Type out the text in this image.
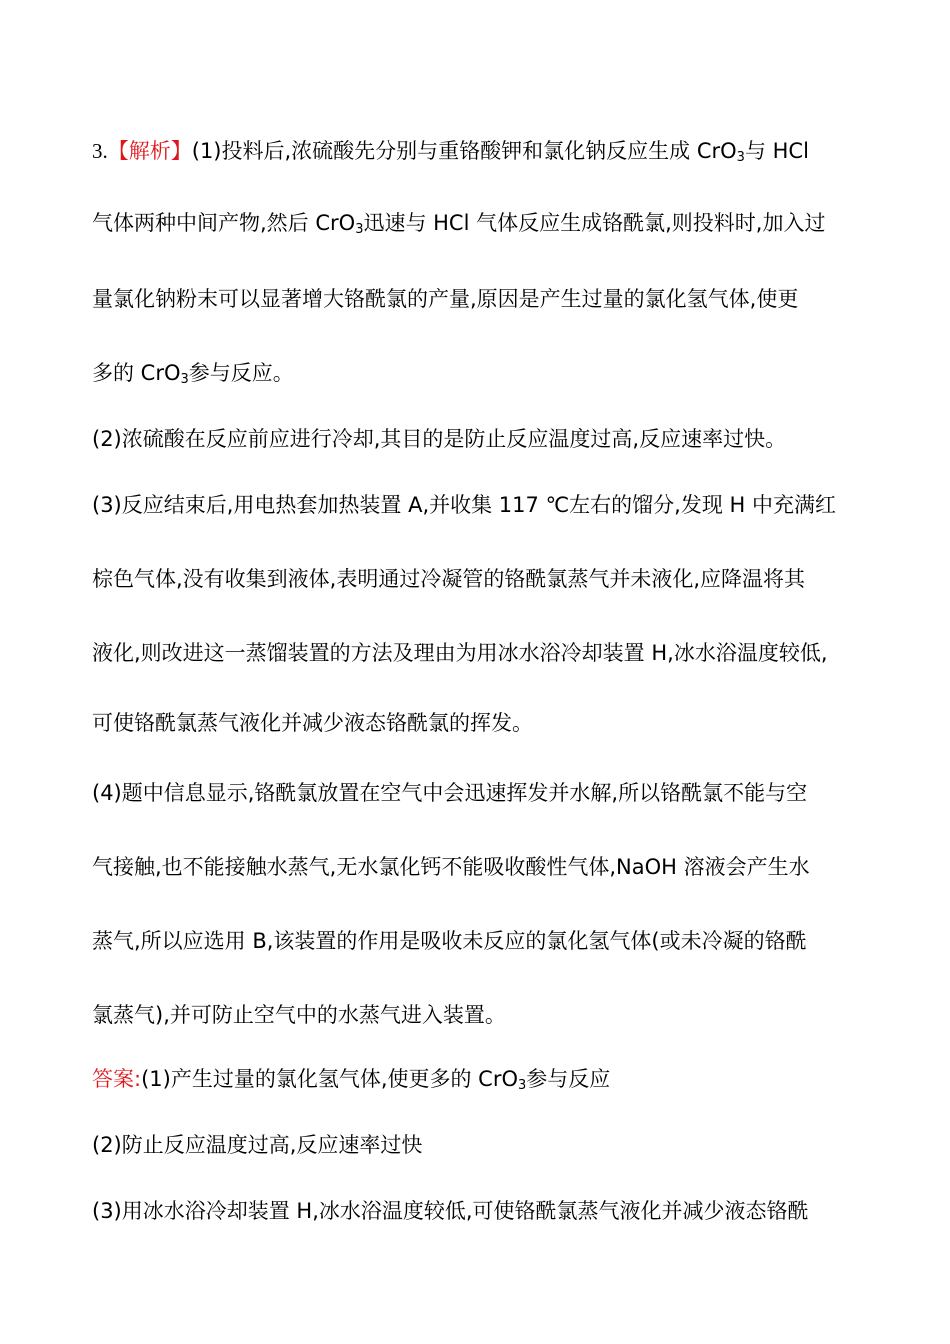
3.【解析】(1)投料后,浓硫酸先分别与重铬酸钾和氯化钠反应生成 CrO$_3$与 HCl
气体两种中间产物,然后 CrO$_3$迅速与 HCl 气体反应生成铬酰氯,则投料时,加入过
量氯化钠粉末可以显著增大铬酰氯的产量,原因是产生过量的氯化氢气体,使更
多的 CrO$_3$参与反应。
(2)浓硫酸在反应前应进行冷却,其目的是防止反应温度过高,反应速率过快。
(3)反应结束后,用电热套加热装置 A,并收集 117 ℃左右的馏分,发现 H 中充满红
棕色气体,没有收集到液体,表明通过冷凝管的铬酰氯蒸气并未液化,应降温将其
液化,则改进这一蒸馏装置的方法及理由为用冰水浴冷却装置 H,冰水浴温度较低,
可使铬酰氯蒸气液化并减少液态铬酰氯的挥发。
(4)题中信息显示,铬酰氯放置在空气中会迅速挥发并水解,所以铬酰氯不能与空
气接触,也不能接触水蒸气,无水氯化钙不能吸收酸性气体,NaOH 溶液会产生水
蒸气,所以应选用 B,该装置的作用是吸收未反应的氯化氢气体(或未冷凝的铬酰
氯蒸气),并可防止空气中的水蒸气进入装置。
答案:(1)产生过量的氯化氢气体,使更多的 CrO$_3$参与反应
(2)防止反应温度过高,反应速率过快
(3)用冰水浴冷却装置 H,冰水浴温度较低,可使铬酰氯蒸气液化并减少液态铬酰
